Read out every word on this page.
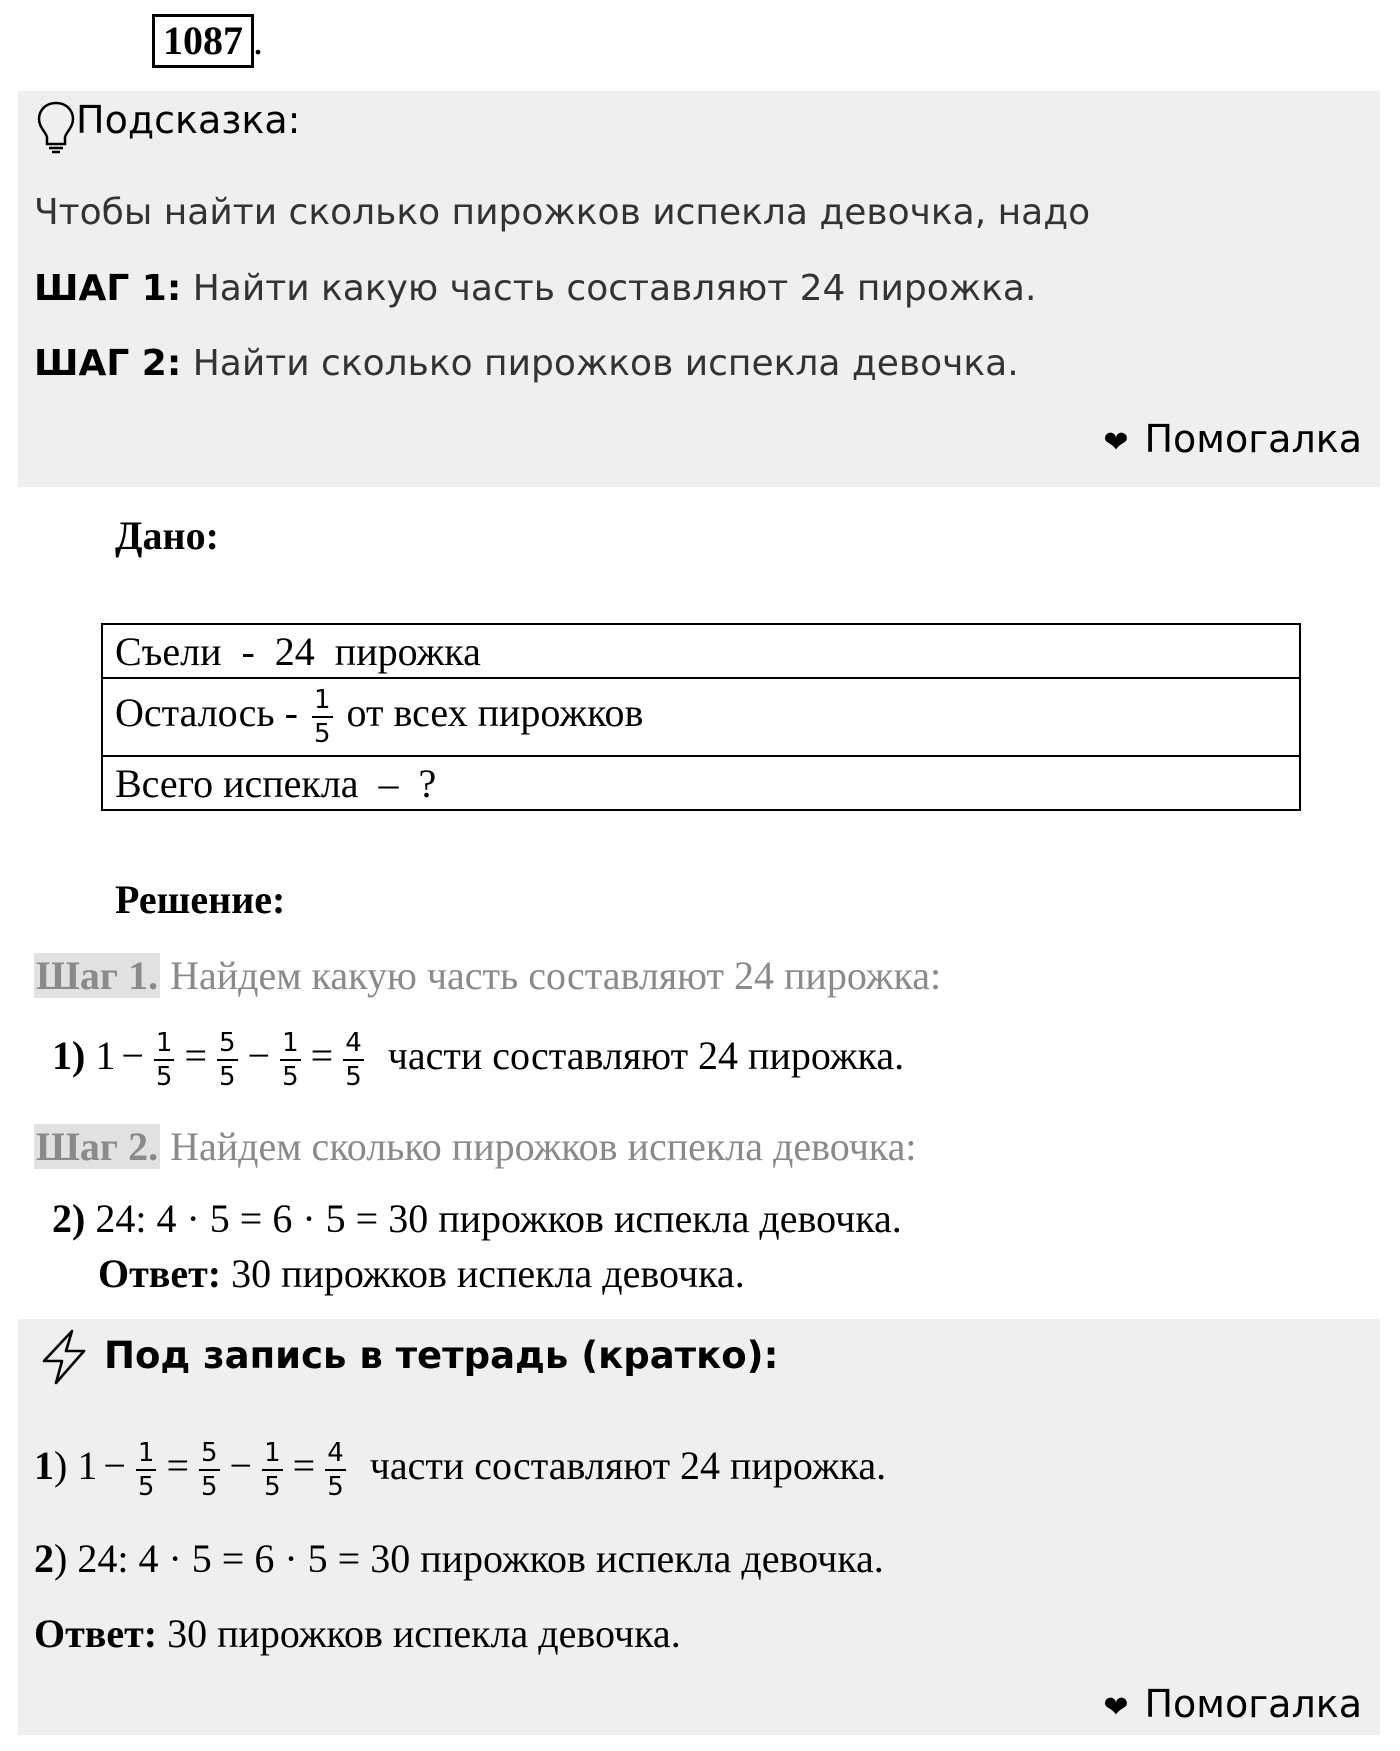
1087 .
Подсказка:
Чтобы найти сколько пирожков испекла девочка, надо
ШАГ 1: Найти какую часть составляют 24 пирожка.
ШАГ 2: Найти сколько пирожков испекла девочка.
❤ Помогалка
Дано:
Съели  -  24  пирожка
Осталось - $\frac{1}{5}$ от всех пирожков
Всего испекла  –  ?
Решение:
Шаг 1. Найдем какую часть составляют 24 пирожка:
1) $1 - \frac{1}{5} = \frac{5}{5} - \frac{1}{5} = \frac{4}{5}$ части составляют 24 пирожка.
Шаг 2. Найдем сколько пирожков испекла девочка:
2) 24: 4 · 5 = 6 · 5 = 30 пирожков испекла девочка.
Ответ: 30 пирожков испекла девочка.
Под запись в тетрадь (кратко):
1) $1 - \frac{1}{5} = \frac{5}{5} - \frac{1}{5} = \frac{4}{5}$ части составляют 24 пирожка.
2) 24: 4 · 5 = 6 · 5 = 30 пирожков испекла девочка.
Ответ: 30 пирожков испекла девочка.
❤ Помогалка
